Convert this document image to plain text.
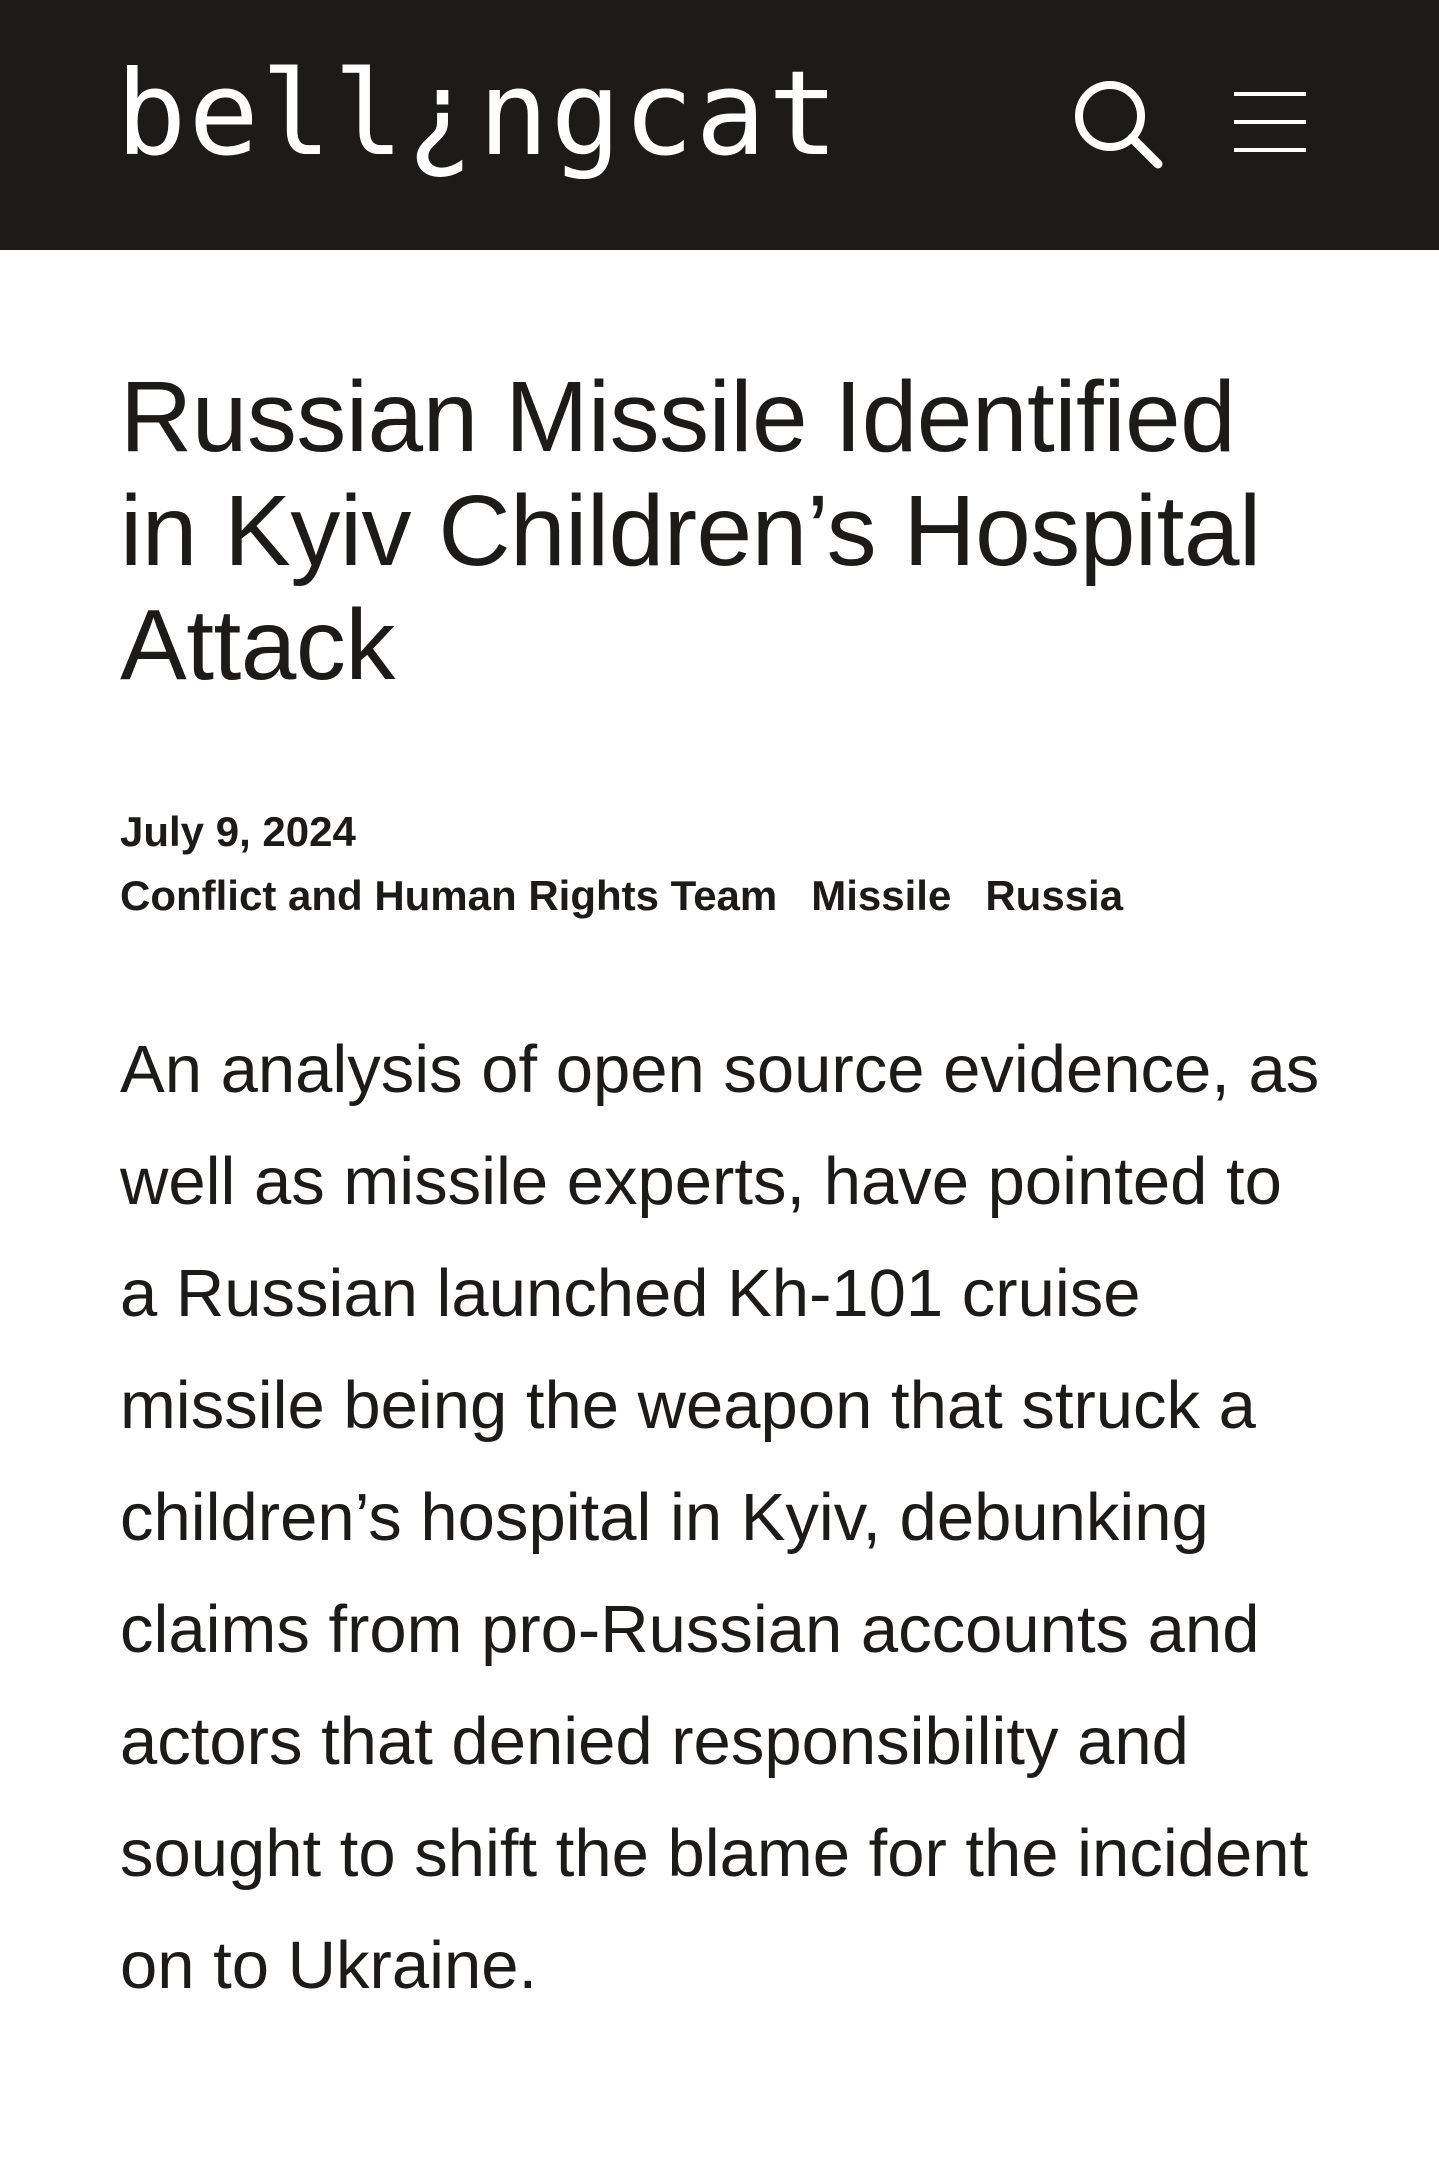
bell¿ngcat
Russian Missile Identified in Kyiv Children’s Hospital Attack
July 9, 2024
Conflict and Human Rights Team Missile Russia

An analysis of open source evidence, as well as missile experts, have pointed to a Russian launched Kh-101 cruise missile being the weapon that struck a children’s hospital in Kyiv, debunking claims from pro-Russian accounts and actors that denied responsibility and sought to shift the blame for the incident on to Ukraine.
